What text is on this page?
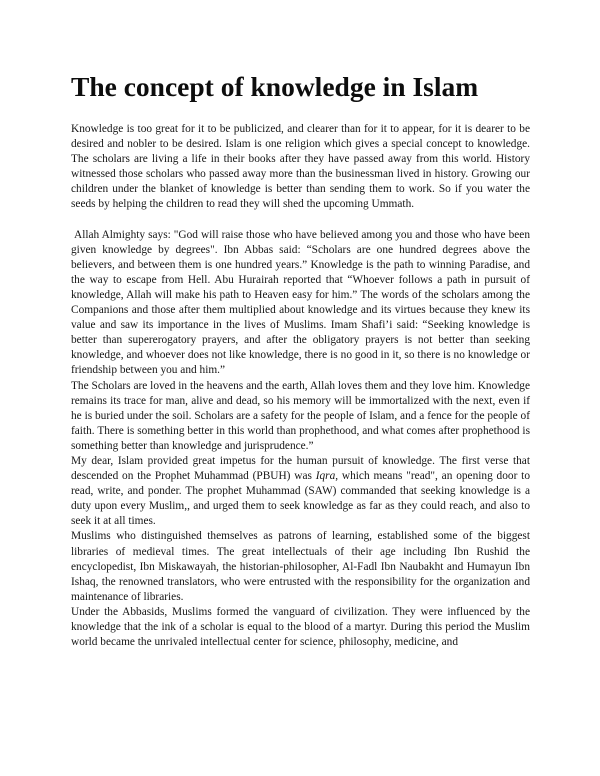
The concept of knowledge in Islam

Knowledge is too great for it to be publicized, and clearer than for it to appear, for it is dearer to be desired and nobler to be desired. Islam is one religion which gives a special concept to knowledge. The scholars are living a life in their books after they have passed away from this world. History witnessed those scholars who passed away more than the businessman lived in history. Growing our children under the blanket of knowledge is better than sending them to work. So if you water the seeds by helping the children to read they will shed the upcoming Ummath.

Allah Almighty says: "God will raise those who have believed among you and those who have been given knowledge by degrees". Ibn Abbas said: “Scholars are one hundred degrees above the believers, and between them is one hundred years.” Knowledge is the path to winning Paradise, and the way to escape from Hell. Abu Hurairah reported that “Whoever follows a path in pursuit of knowledge, Allah will make his path to Heaven easy for him.” The words of the scholars among the Companions and those after them multiplied about knowledge and its virtues because they knew its value and saw its importance in the lives of Muslims. Imam Shafi’i said: “Seeking knowledge is better than supererogatory prayers, and after the obligatory prayers is not better than seeking knowledge, and whoever does not like knowledge, there is no good in it, so there is no knowledge or friendship between you and him.”

The Scholars are loved in the heavens and the earth, Allah loves them and they love him. Knowledge remains its trace for man, alive and dead, so his memory will be immortalized with the next, even if he is buried under the soil. Scholars are a safety for the people of Islam, and a fence for the people of faith. There is something better in this world than prophethood, and what comes after prophethood is something better than knowledge and jurisprudence.”

My dear, Islam provided great impetus for the human pursuit of knowledge. The first verse that descended on the Prophet Muhammad (PBUH) was Iqra, which means "read", an opening door to read, write, and ponder. The prophet Muhammad (SAW) commanded that seeking knowledge is a duty upon every Muslim,, and urged them to seek knowledge as far as they could reach, and also to seek it at all times.

Muslims who distinguished themselves as patrons of learning, established some of the biggest libraries of medieval times. The great intellectuals of their age including Ibn Rushid the encyclopedist, Ibn Miskawayah, the historian-philosopher, Al-Fadl Ibn Naubakht and Humayun Ibn Ishaq, the renowned translators, who were entrusted with the responsibility for the organization and maintenance of libraries.

Under the Abbasids, Muslims formed the vanguard of civilization. They were influenced by the knowledge that the ink of a scholar is equal to the blood of a martyr. During this period the Muslim world became the unrivaled intellectual center for science, philosophy, medicine, and
